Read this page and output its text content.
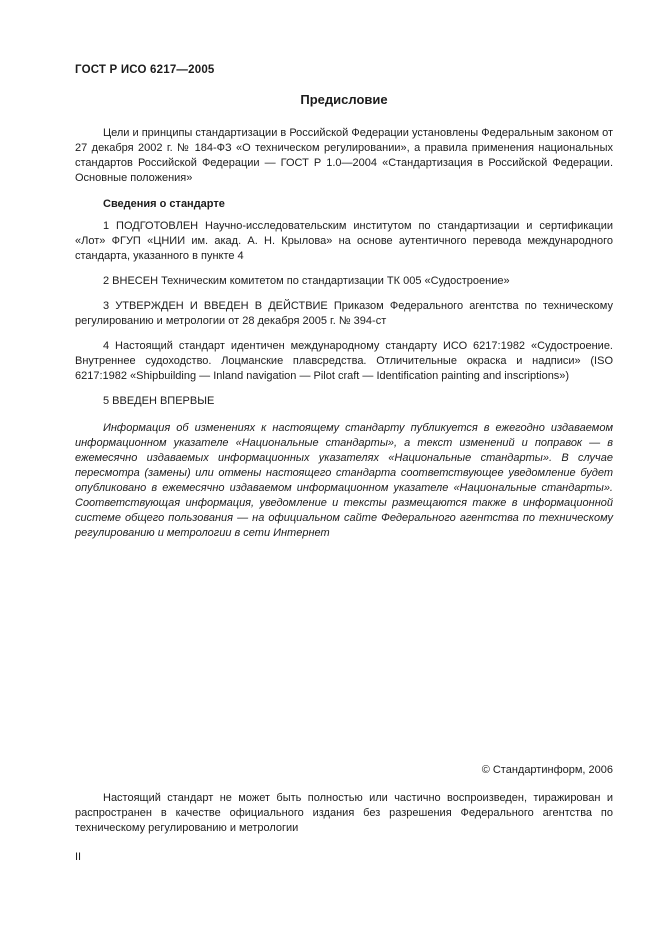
ГОСТ Р ИСО 6217—2005
Предисловие

Цели и принципы стандартизации в Российской Федерации установлены Федеральным законом от 27 декабря 2002 г. № 184-ФЗ «О техническом регулировании», а правила применения национальных стандартов Российской Федерации — ГОСТ Р 1.0—2004 «Стандартизация в Российской Федерации. Основные положения»

Сведения о стандарте

1 ПОДГОТОВЛЕН Научно-исследовательским институтом по стандартизации и сертификации «Лот» ФГУП «ЦНИИ им. акад. А. Н. Крылова» на основе аутентичного перевода международного стандарта, указанного в пункте 4

2 ВНЕСЕН Техническим комитетом по стандартизации ТК 005 «Судостроение»

3 УТВЕРЖДЕН И ВВЕДЕН В ДЕЙСТВИЕ Приказом Федерального агентства по техническому регулированию и метрологии от 28 декабря 2005 г. № 394-ст

4 Настоящий стандарт идентичен международному стандарту ИСО 6217:1982 «Судостроение. Внутреннее судоходство. Лоцманские плавсредства. Отличительные окраска и надписи» (ISO 6217:1982 «Shipbuilding — Inland navigation — Pilot craft — Identification painting and inscriptions»)

5 ВВЕДЕН ВПЕРВЫЕ

Информация об изменениях к настоящему стандарту публикуется в ежегодно издаваемом информационном указателе «Национальные стандарты», а текст изменений и поправок — в ежемесячно издаваемых информационных указателях «Национальные стандарты». В случае пересмотра (замены) или отмены настоящего стандарта соответствующее уведомление будет опубликовано в ежемесячно издаваемом информационном указателе «Национальные стандарты». Соответствующая информация, уведомление и тексты размещаются также в информационной системе общего пользования — на официальном сайте Федерального агентства по техническому регулированию и метрологии в сети Интернет

© Стандартинформ, 2006

Настоящий стандарт не может быть полностью или частично воспроизведен, тиражирован и распространен в качестве официального издания без разрешения Федерального агентства по техническому регулированию и метрологии

II
